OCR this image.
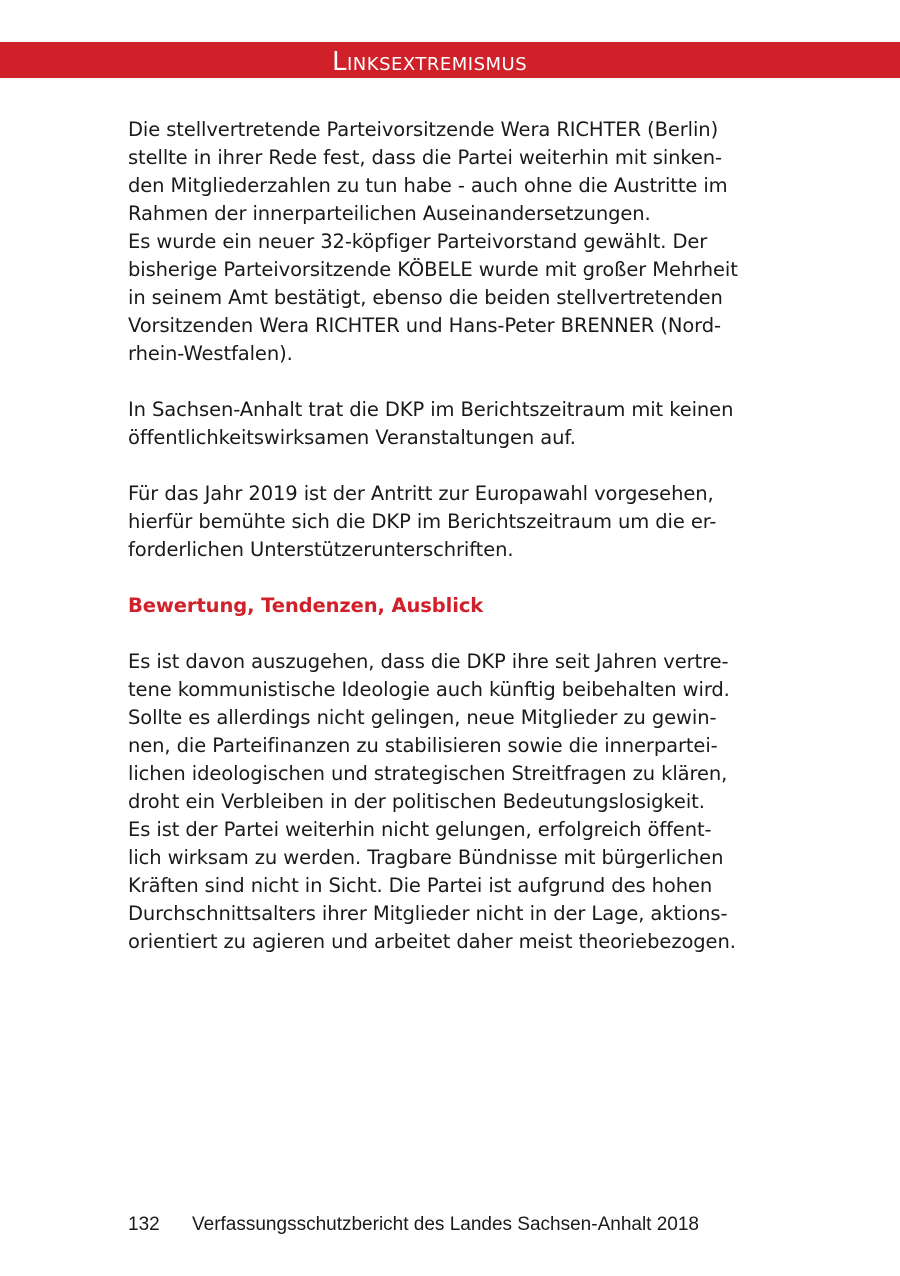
Linksextremismus

Die stellvertretende Parteivorsitzende Wera RICHTER (Berlin)
stellte in ihrer Rede fest, dass die Partei weiterhin mit sinken-
den Mitgliederzahlen zu tun habe - auch ohne die Austritte im
Rahmen der innerparteilichen Auseinandersetzungen.
Es wurde ein neuer 32-köpfiger Parteivorstand gewählt. Der
bisherige Parteivorsitzende KÖBELE wurde mit großer Mehrheit
in seinem Amt bestätigt, ebenso die beiden stellvertretenden
Vorsitzenden Wera RICHTER und Hans-Peter BRENNER (Nord-
rhein-Westfalen).

In Sachsen-Anhalt trat die DKP im Berichtszeitraum mit keinen
öffentlichkeitswirksamen Veranstaltungen auf.

Für das Jahr 2019 ist der Antritt zur Europawahl vorgesehen,
hierfür bemühte sich die DKP im Berichtszeitraum um die er-
forderlichen Unterstützerunterschriften.

Bewertung, Tendenzen, Ausblick

Es ist davon auszugehen, dass die DKP ihre seit Jahren vertre-
tene kommunistische Ideologie auch künftig beibehalten wird.
Sollte es allerdings nicht gelingen, neue Mitglieder zu gewin-
nen, die Parteifinanzen zu stabilisieren sowie die innerpartei-
lichen ideologischen und strategischen Streitfragen zu klären,
droht ein Verbleiben in der politischen Bedeutungslosigkeit.
Es ist der Partei weiterhin nicht gelungen, erfolgreich öffent-
lich wirksam zu werden. Tragbare Bündnisse mit bürgerlichen
Kräften sind nicht in Sicht. Die Partei ist aufgrund des hohen
Durchschnittsalters ihrer Mitglieder nicht in der Lage, aktions-
orientiert zu agieren und arbeitet daher meist theoriebezogen.

132 Verfassungsschutzbericht des Landes Sachsen-Anhalt 2018
